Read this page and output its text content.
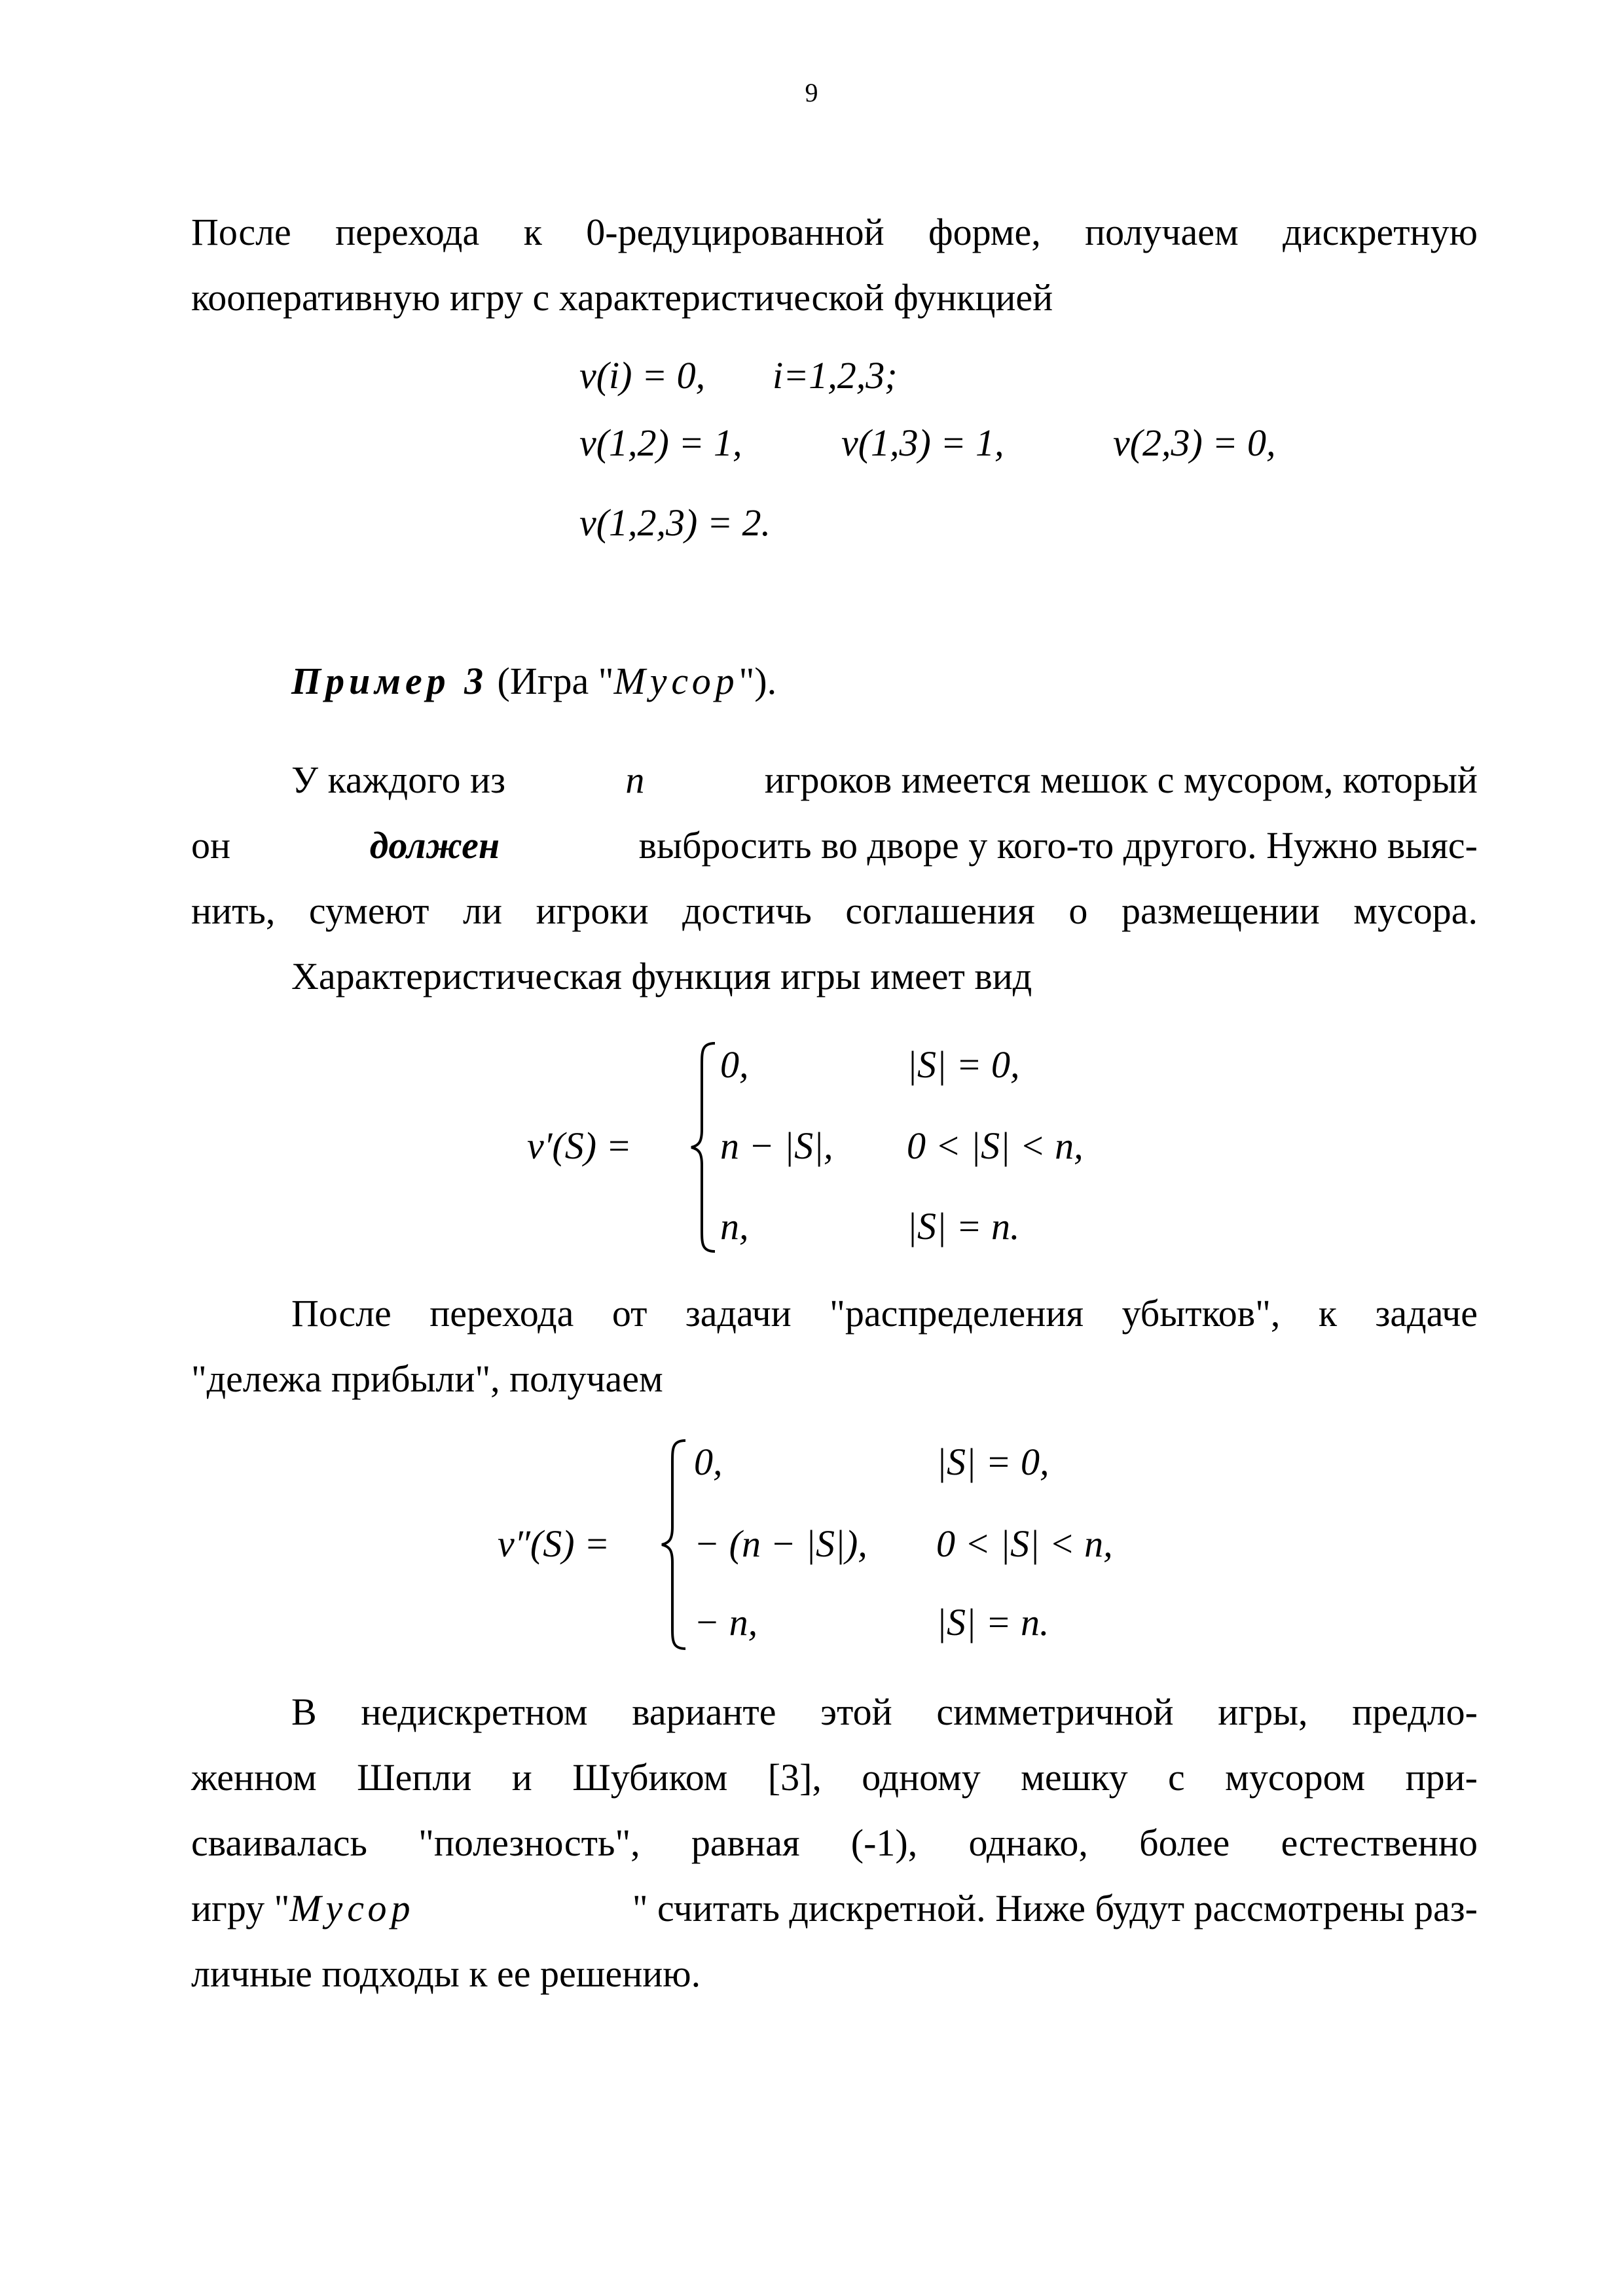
9
После перехода к 0-редуцированной форме, получаем дискретную
кооперативную игру с характеристической функцией
ν(i) = 0, i=1,2,3;
ν(1,2) = 1,	ν(1,3) = 1,	ν(2,3) = 0,
ν(1,2,3) = 2.
Пример 3 (Игра "Мусор").
У каждого из	n	игроков имеется мешок с мусором, который
он	должен	выбросить во дворе у кого-то другого. Нужно выяс-
нить, сумеют ли игроки достичь соглашения о размещении мусора.
Характеристическая функция игры имеет вид
ν′(S) =
0,	|S| = 0,
n − |S|, 0 < |S| < n,
n,	|S| = n.
После перехода от задачи "распределения убытков", к задаче
"дележа прибыли", получаем
ν″(S) =
0,	|S| = 0,
− (n − |S|), 0 < |S| < n,
− n,	|S| = n.
В недискретном варианте этой симметричной игры, предло-
женном Шепли и Шубиком [3], одному мешку с мусором при-
сваивалась "полезность", равная (-1), однако, более естественно
игру "Мусор	" считать дискретной. Ниже будут рассмотрены раз-
личные подходы к ее решению.
